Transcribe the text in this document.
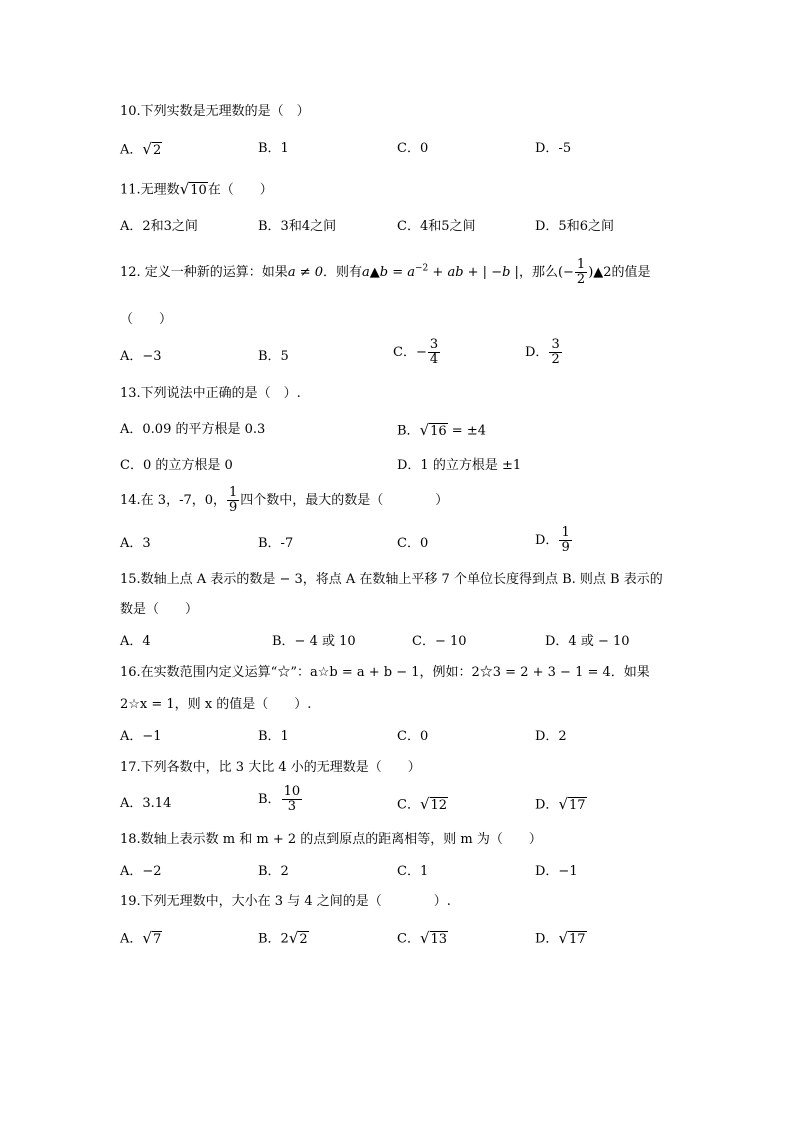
10.下列实数是无理数的是（　）
A．√2	B．1	C．0	D．-5
11.无理数√10在（　　）
A．2和3之间	B．3和4之间	C．4和5之间	D．5和6之间
12. 定义一种新的运算：如果a ≠ 0．则有a▲b = $a^{-2}$ + ab + | −b |，那么(− $\frac{1}{2}$ )▲2的值是
（　　）
A．−3	B．5	C．− $\frac{3}{4}$	D． $\frac{3}{2}$
13.下列说法中正确的是（　）.
A．0.09 的平方根是 0.3	B．√16 = ±4
C．0 的立方根是 0	D．1 的立方根是 ±1
14.在 3，-7，0， $\frac{1}{9}$ 四个数中，最大的数是（　　　　）
A．3	B．-7	C．0	D． $\frac{1}{9}$
15.数轴上点 A 表示的数是 − 3，将点 A 在数轴上平移 7 个单位长度得到点 B. 则点 B 表示的
数是（　　）
A．4	B．− 4 或 10	C．− 10	D．4 或 − 10
16.在实数范围内定义运算“☆”：a☆b = a + b − 1，例如：2☆3 = 2 + 3 − 1 = 4．如果
2☆x = 1，则 x 的值是（　　）.
A．−1	B．1	C．0	D．2
17.下列各数中，比 3 大比 4 小的无理数是（　　）
A．3.14	B． $\frac{10}{3}$	C．√12	D．√17
18.数轴上表示数 m 和 m + 2 的点到原点的距离相等，则 m 为（　　）
A．−2	B．2	C．1	D．−1
19.下列无理数中，大小在 3 与 4 之间的是（　　　　）.
A．√7	B．2√2	C．√13	D．√17
